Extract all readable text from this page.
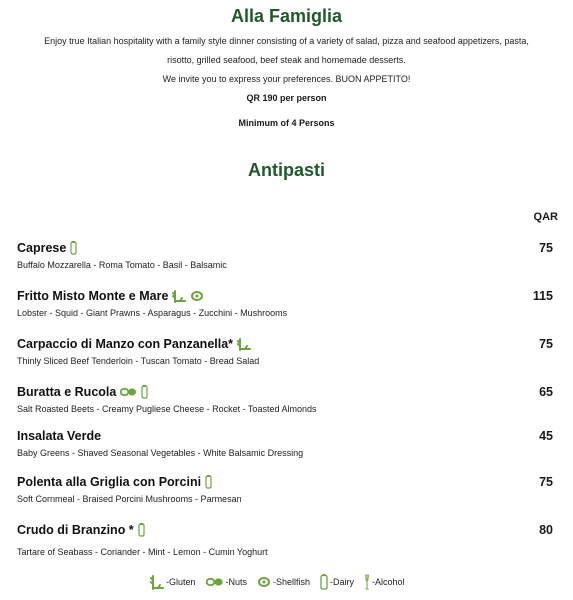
Alla Famiglia
Enjoy true Italian hospitality with a family style dinner consisting of a variety of salad, pizza and seafood appetizers, pasta,
risotto, grilled seafood, beef steak and homemade desserts.
We invite you to express your preferences. BUON APPETITO!
QR 190 per person
Minimum of 4 Persons
Antipasti
QAR
Caprese
Buffalo Mozzarella - Roma Tomato - Basil - Balsamic
75
Fritto Misto Monte e Mare
Lobster - Squid - Giant Prawns - Asparagus - Zucchini - Mushrooms
115
Carpaccio di Manzo con Panzanella*
Thinly Sliced Beef Tenderloin - Tuscan Tomato - Bread Salad
75
Buratta e Rucola
Salt Roasted Beets - Creamy Pugliese Cheese - Rocket - Toasted Almonds
65
Insalata Verde
Baby Greens - Shaved Seasonal Vegetables - White Balsamic Dressing
45
Polenta alla Griglia con Porcini
Soft Cornmeal - Braised Porcini Mushrooms - Parmesan
75
Crudo di Branzino *
Tartare of Seabass - Coriander - Mint - Lemon - Cumin Yoghurt
80
-Gluten	-Nuts	-Shellfish -Dairy -Alcohol
